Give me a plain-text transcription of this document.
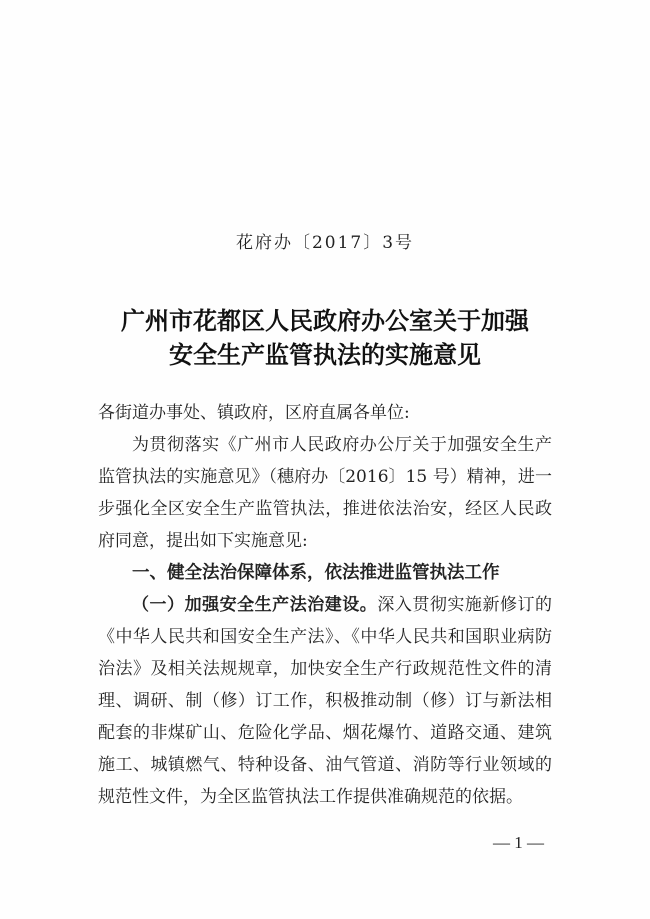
花府办〔2017〕3号
广州市花都区人民政府办公室关于加强
安全生产监管执法的实施意见
各街道办事处、镇政府，区府直属各单位:
为贯彻落实《广州市人民政府办公厅关于加强安全生产
监管执法的实施意见》（穗府办〔2016〕15 号）精神，进一
步强化全区安全生产监管执法，推进依法治安，经区人民政
府同意，提出如下实施意见:
一、健全法治保障体系，依法推进监管执法工作
（一）加强安全生产法治建设。深入贯彻实施新修订的
《中华人民共和国安全生产法》、《中华人民共和国职业病防
治法》及相关法规规章，加快安全生产行政规范性文件的清
理、调研、制（修）订工作，积极推动制（修）订与新法相
配套的非煤矿山、危险化学品、烟花爆竹、道路交通、建筑
施工、城镇燃气、特种设备、油气管道、消防等行业领域的
规范性文件，为全区监管执法工作提供准确规范的依据。
— 1 —
